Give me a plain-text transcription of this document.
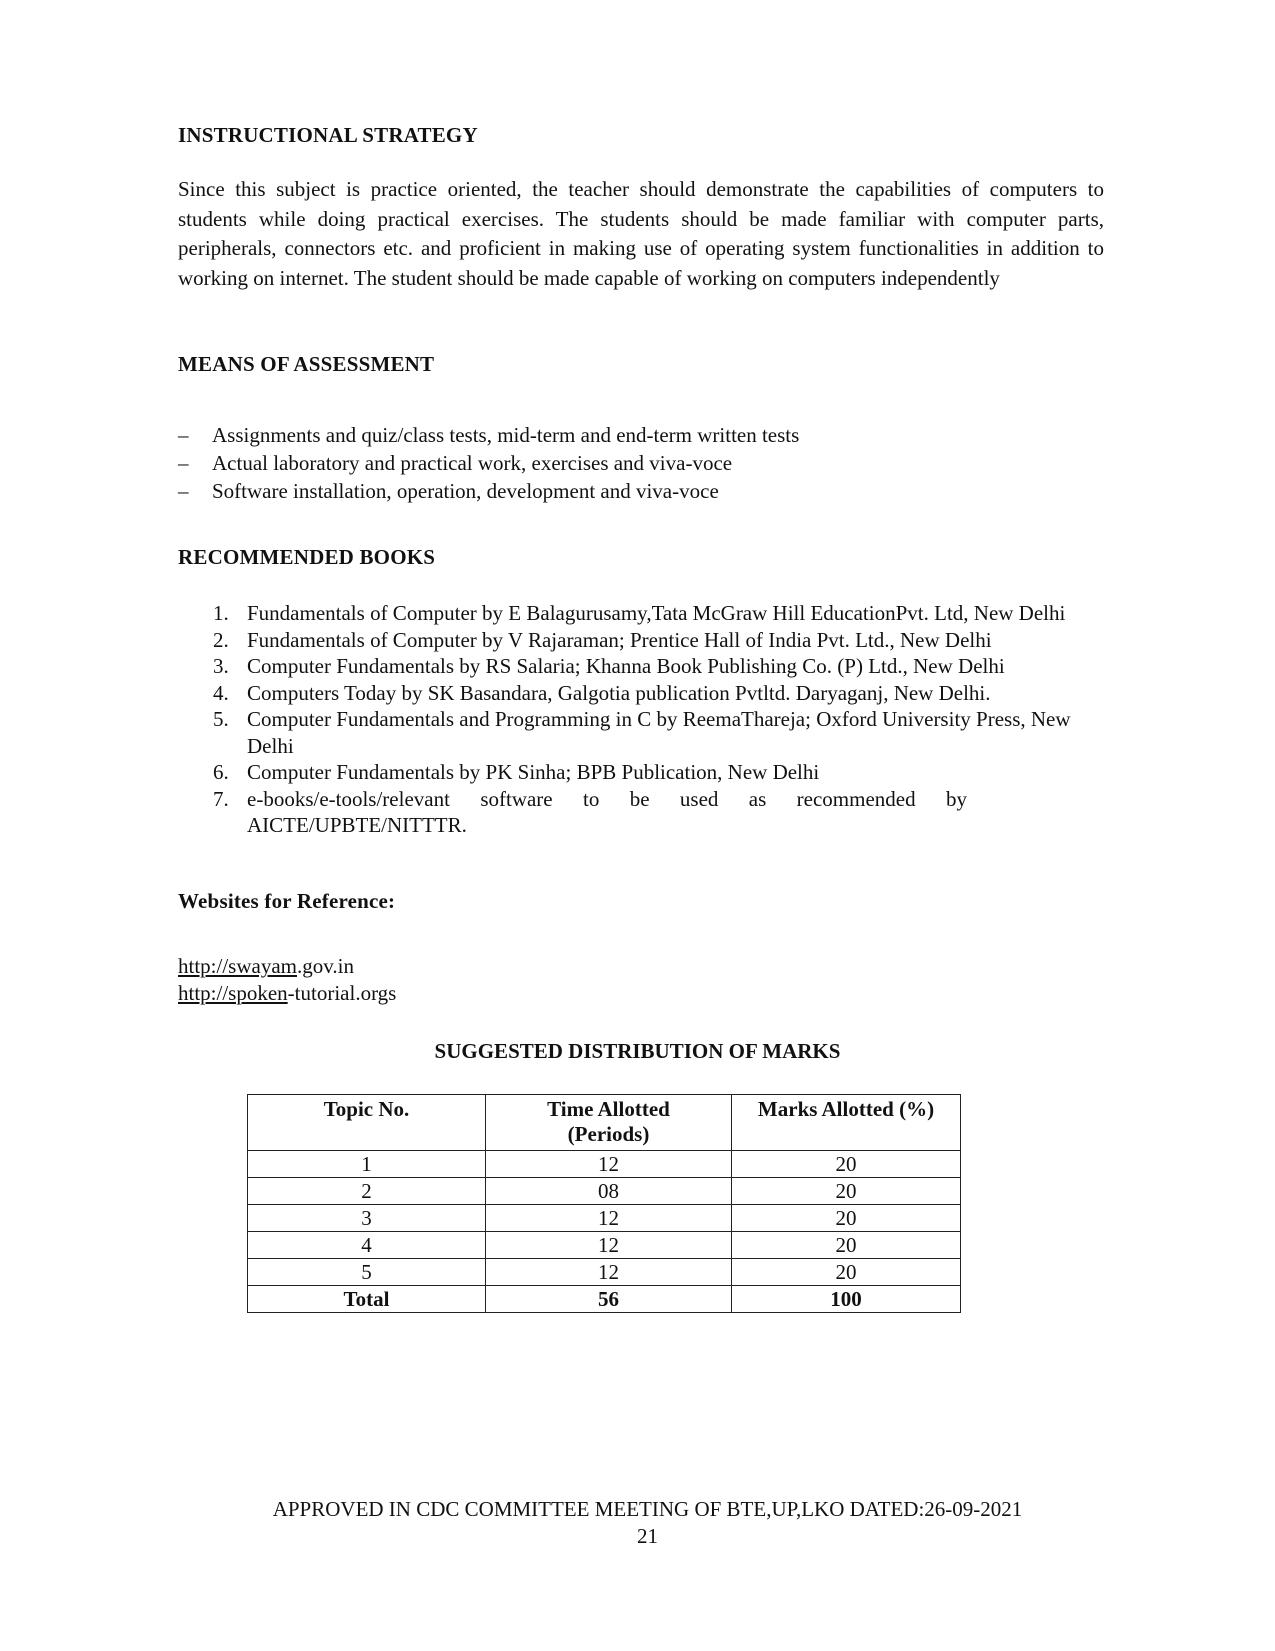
INSTRUCTIONAL STRATEGY

Since this subject is practice oriented, the teacher should demonstrate the capabilities of computers to students while doing practical exercises. The students should be made familiar with computer parts, peripherals, connectors etc. and proficient in making use of operating system functionalities in addition to working on internet. The student should be made capable of working on computers independently

MEANS OF ASSESSMENT
– Assignments and quiz/class tests, mid-term and end-term written tests
– Actual laboratory and practical work, exercises and viva-voce
– Software installation, operation, development and viva-voce
RECOMMENDED BOOKS
1. Fundamentals of Computer by E Balagurusamy,Tata McGraw Hill EducationPvt. Ltd, New Delhi
2. Fundamentals of Computer by V Rajaraman; Prentice Hall of India Pvt. Ltd., New Delhi
3. Computer Fundamentals by RS Salaria; Khanna Book Publishing Co. (P) Ltd., New Delhi
4. Computers Today by SK Basandara, Galgotia publication Pvtltd. Daryaganj, New Delhi.
5. Computer Fundamentals and Programming in C by ReemaThareja; Oxford University Press, New Delhi
6. Computer Fundamentals by PK Sinha; BPB Publication, New Delhi
7. e-books/e-tools/relevant software to be used as recommended by AICTE/UPBTE/NITTTR.
Websites for Reference:
http://swayam.gov.in
http://spoken-tutorial.orgs
SUGGESTED DISTRIBUTION OF MARKS
Topic No.	Time Allotted (Periods)	Marks Allotted (%)
1	12	20
2	08	20
3	12	20
4	12	20
5	12	20
Total	56	100
APPROVED IN CDC COMMITTEE MEETING OF BTE,UP,LKO DATED:26-09-2021
21
